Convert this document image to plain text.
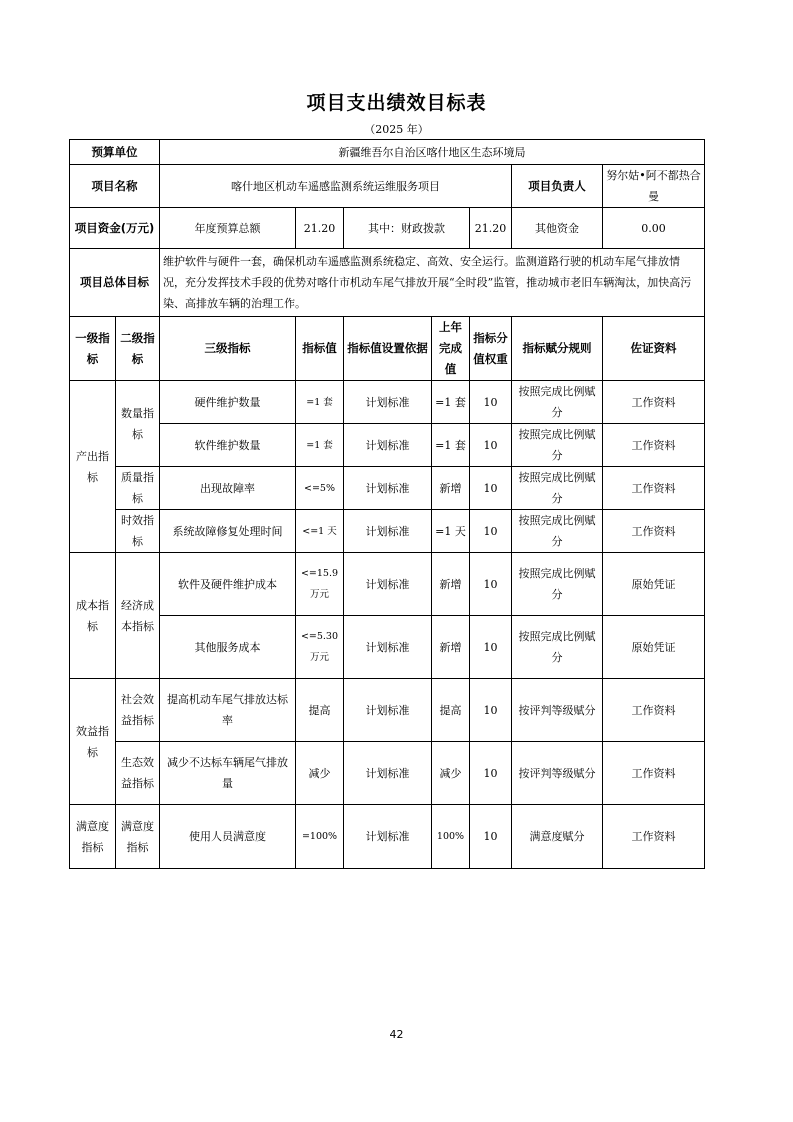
项目支出绩效目标表
（2025 年）
预算单位		新疆维吾尔自治区喀什地区生态环境局						
项目名称		喀什地区机动车遥感监测系统运维服务项目					项目负责人	努尔姑•阿不都热合曼
项目资金(万元)		年度预算总额	21.20	其中：财政拨款		21.20	其他资金	0.00
项目总体目标		维护软件与硬件一套，确保机动车遥感监测系统稳定、高效、安全运行。监测道路行驶的机动车尾气排放情况，充分发挥技术手段的优势对喀什市机动车尾气排放开展“全时段”监管，推动城市老旧车辆淘汰，加快高污染、高排放车辆的治理工作。						
一级指标	二级指标	三级指标	指标值	指标值设置依据	上年完成值	指标分值权重	指标赋分规则	佐证资料
产出指标	数量指标	硬件维护数量	=1 套	计划标准	=1 套	10	按照完成比例赋分	工作资料
		软件维护数量	=1 套	计划标准	=1 套	10	按照完成比例赋分	工作资料
	质量指标	出现故障率	<=5%	计划标准	新增	10	按照完成比例赋分	工作资料
	时效指标	系统故障修复处理时间	<=1 天	计划标准	=1 天	10	按照完成比例赋分	工作资料
成本指标	经济成本指标	软件及硬件维护成本	<=15.9 万元	计划标准	新增	10	按照完成比例赋分	原始凭证
		其他服务成本	<=5.30 万元	计划标准	新增	10	按照完成比例赋分	原始凭证
效益指标	社会效益指标	提高机动车尾气排放达标率	提高	计划标准	提高	10	按评判等级赋分	工作资料
	生态效益指标	减少不达标车辆尾气排放量	减少	计划标准	减少	10	按评判等级赋分	工作资料
满意度指标	满意度指标	使用人员满意度	=100%	计划标准	100%	10	满意度赋分	工作资料
42
